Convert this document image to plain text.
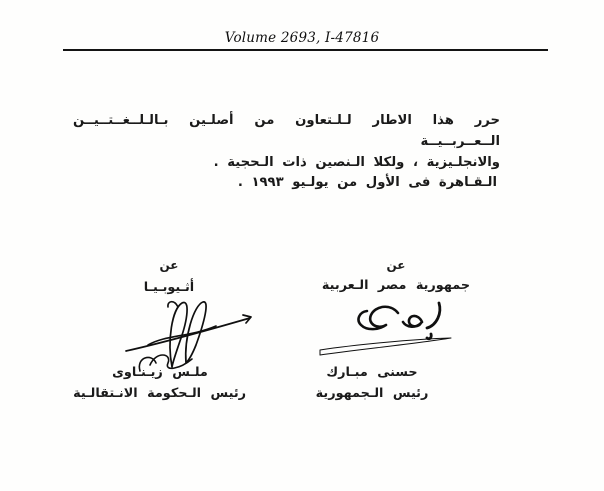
Volume 2693, I-47816
حرر هذا الاطار لـلـتعاون من أصلـين بـالـلــغــتــيــن الــعــربــيــة
والانجلـيزية ، ولكلا الـنصين ذات الـحجية .
الـقـاهرة فى الأول من يولـيو ١٩٩٣ .
عن
جمهورية مصر الـعربية
حسنى مبـارك
رئيس الـجمهورية
عن
أثـيوبـيـا
ملـس زيـنـاوى
رئيس الـحكومة الانـتقالـية
